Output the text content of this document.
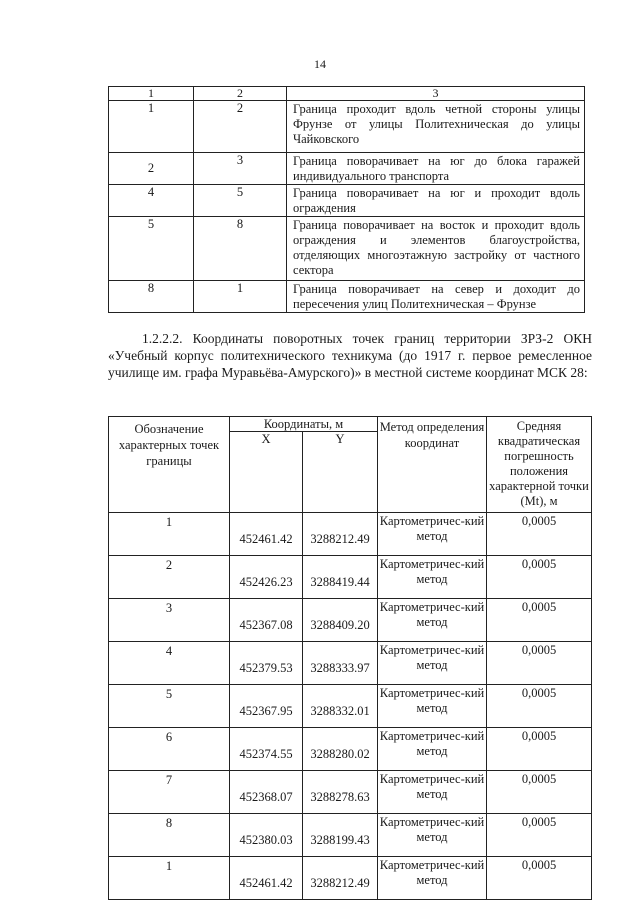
14
1	2	3
1	2	Граница проходит вдоль четной стороны улицы Фрунзе от улицы Политехническая до улицы Чайковского
2	3	Граница поворачивает на юг до блока гаражей индивидуального транспорта
4	5	Граница поворачивает на юг и проходит вдоль ограждения
5	8	Граница поворачивает на восток и проходит вдоль ограждения и элементов благоустройства, отделяющих многоэтажную застройку от частного сектора
8	1	Граница поворачивает на север и доходит до пересечения улиц Политехническая – Фрунзе
1.2.2.2. Координаты поворотных точек границ территории ЗРЗ-2 ОКН «Учебный корпус политехнического техникума (до 1917 г. первое ремесленное училище им. графа Муравьёва-Амурского)» в местной системе координат МСК 28:
Обозначение характерных точек границы	Координаты, м		Метод определения координат	Средняя квадратическая погрешность положения характерной точки (Mt), м
	X	Y		
1	452461.42	3288212.49	Картометричес-кий метод	0,0005
2	452426.23	3288419.44	Картометричес-кий метод	0,0005
3	452367.08	3288409.20	Картометричес-кий метод	0,0005
4	452379.53	3288333.97	Картометричес-кий метод	0,0005
5	452367.95	3288332.01	Картометричес-кий метод	0,0005
6	452374.55	3288280.02	Картометричес-кий метод	0,0005
7	452368.07	3288278.63	Картометричес-кий метод	0,0005
8	452380.03	3288199.43	Картометричес-кий метод	0,0005
1	452461.42	3288212.49	Картометричес-кий метод	0,0005
